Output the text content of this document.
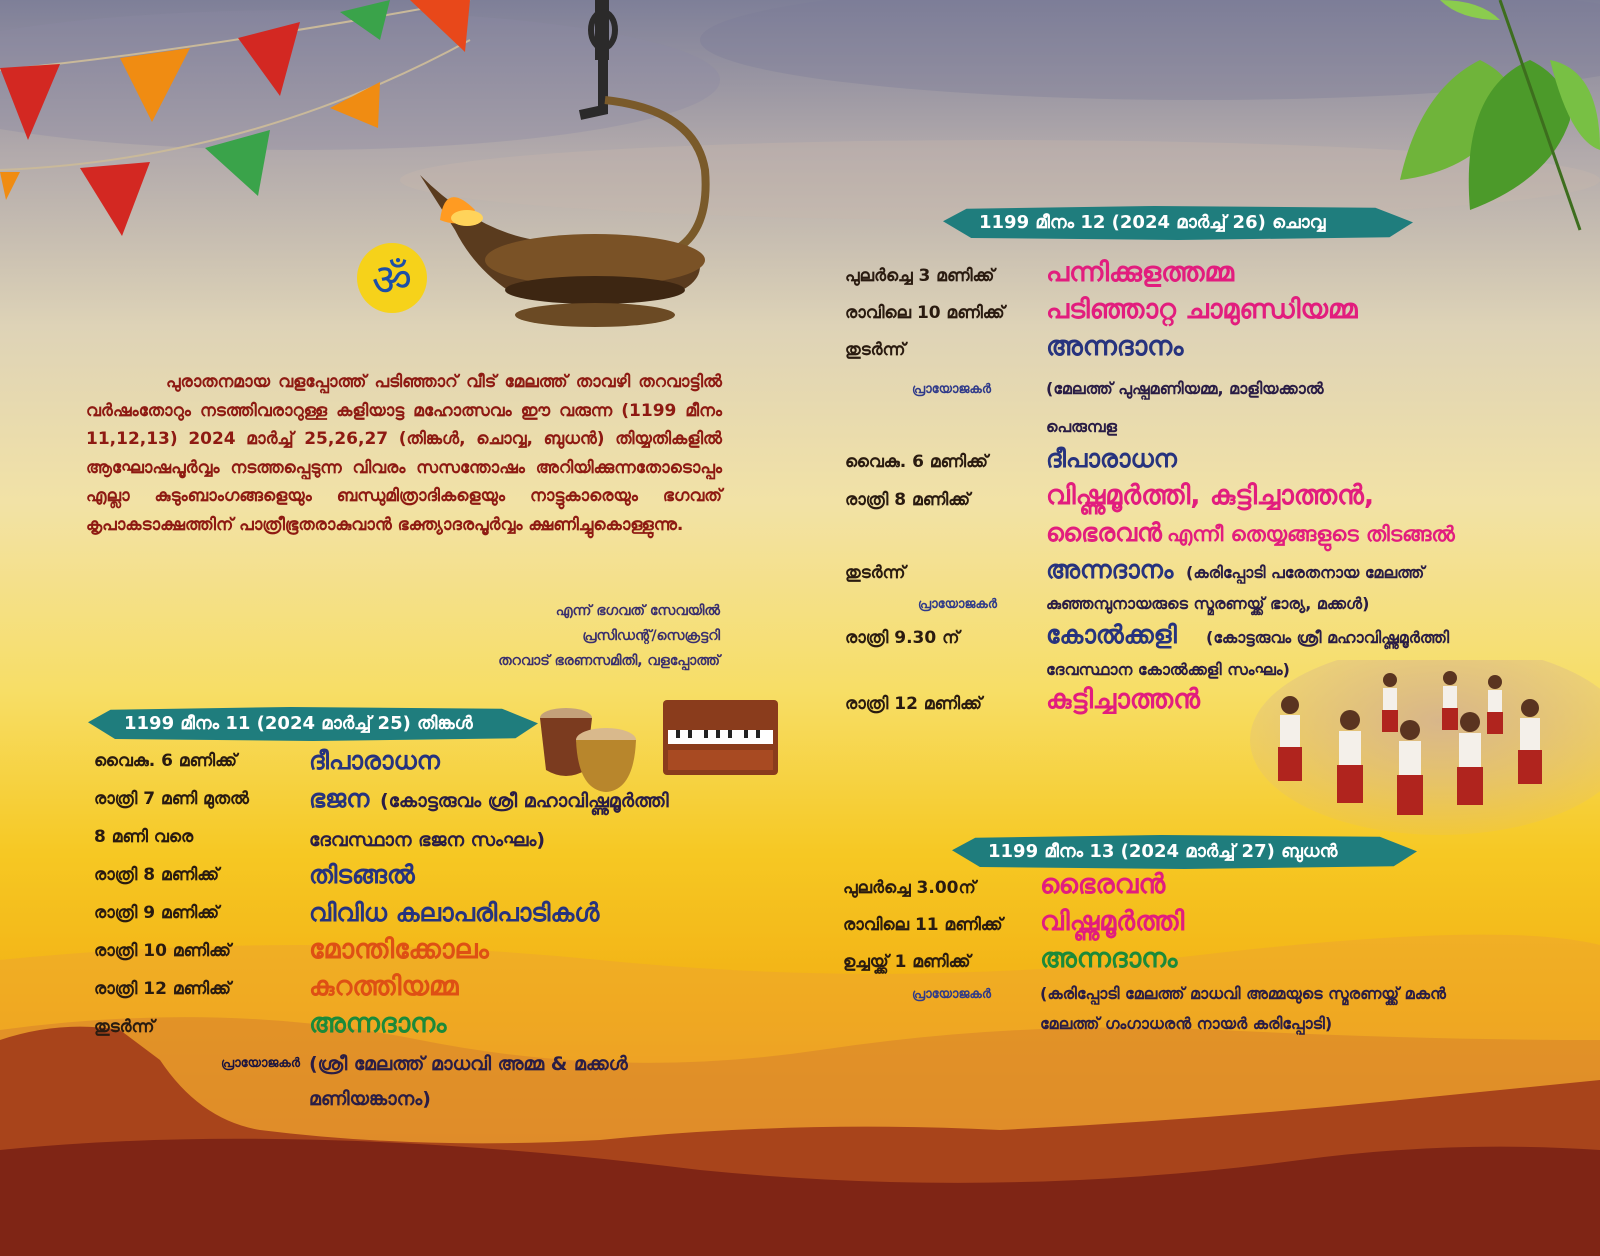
ॐ
പുരാതനമായ വളപ്പോത്ത് പടിഞ്ഞാറ് വീട് മേലത്ത് താവഴി തറവാട്ടിൽ വർഷംതോറും നടത്തിവരാറുള്ള കളിയാട്ട മഹോത്സവം ഈ വരുന്ന (1199 മീനം 11,12,13) 2024 മാർച്ച് 25,26,27 (തിങ്കൾ, ചൊവ്വ, ബുധൻ) തിയ്യതികളിൽ ആഘോഷപൂർവ്വം നടത്തപ്പെടുന്ന വിവരം സസന്തോഷം അറിയിക്കുന്നതോടൊപ്പം എല്ലാ കുടുംബാംഗങ്ങളെയും ബന്ധുമിത്രാദികളെയും നാട്ടുകാരെയും ഭഗവത് കൃപാകടാക്ഷത്തിന് പാത്രീഭൂതരാകുവാൻ ഭക്ത്യാദരപൂർവ്വം ക്ഷണിച്ചുകൊള്ളുന്നു.
എന്ന് ഭഗവത് സേവയിൽ
പ്രസിഡന്റ്/സെക്രട്ടറി
തറവാട് ഭരണസമിതി, വളപ്പോത്ത്
1199 മീനം 11 (2024 മാർച്ച് 25) തിങ്കൾ
വൈകു. 6 മണിക്ക്	ദീപാരാധന
രാത്രി 7 മണി മുതൽ ഭജന (കോട്ടരുവം ശ്രീ മഹാവിഷ്ണുമൂർത്തി
8 മണി വരെ	ദേവസ്ഥാന ഭജന സംഘം)
രാത്രി 8 മണിക്ക്	തിടങ്ങൽ
രാത്രി 9 മണിക്ക്	വിവിധ കലാപരിപാടികൾ
രാത്രി 10 മണിക്ക്	മോന്തിക്കോലം
രാത്രി 12 മണിക്ക്	കുറത്തിയമ്മ
തുടർന്ന്	അന്നദാനം
പ്രായോജകർ (ശ്രീ മേലത്ത് മാധവി അമ്മ & മക്കൾ
മണിയങ്കാനം)
1199 മീനം 12 (2024 മാർച്ച് 26) ചൊവ്വ
പുലർച്ചെ 3 മണിക്ക് പന്നിക്കുളത്തമ്മ
രാവിലെ 10 മണിക്ക് പടിഞ്ഞാറ്റ ചാമുണ്ഡിയമ്മ
തുടർന്ന്	അന്നദാനം
പ്രായോജകർ	(മേലത്ത് പുഷ്പമണിയമ്മ, മാളിയക്കാൽ
പെരുമ്പള
വൈകു. 6 മണിക്ക് ദീപാരാധന
രാത്രി 8 മണിക്ക്	വിഷ്ണുമൂർത്തി, കുട്ടിച്ചാത്തൻ,
ഭൈരവൻ എന്നീ തെയ്യങ്ങളുടെ തിടങ്ങൽ
തുടർന്ന്	അന്നദാനം (കരിപ്പോടി പരേതനായ മേലത്ത്
പ്രായോജകർ	കുഞ്ഞമ്പുനായരുടെ സ്മരണയ്ക്ക് ഭാര്യ, മക്കൾ)
രാത്രി 9.30 ന്	കോൽക്കളി (കോട്ടരുവം ശ്രീ മഹാവിഷ്ണുമൂർത്തി
ദേവസ്ഥാന കോൽക്കളി സംഘം)
രാത്രി 12 മണിക്ക് കുട്ടിച്ചാത്തൻ
1199 മീനം 13 (2024 മാർച്ച് 27) ബുധൻ
പുലർച്ചെ 3.00ന് ഭൈരവൻ
രാവിലെ 11 മണിക്ക് വിഷ്ണുമൂർത്തി
ഉച്ചയ്ക്ക് 1 മണിക്ക്	അന്നദാനം
പ്രായോജകർ	(കരിപ്പോടി മേലത്ത് മാധവി അമ്മയുടെ സ്മരണയ്ക്ക് മകൻ
മേലത്ത് ഗംഗാധരൻ നായർ കരിപ്പോടി)
